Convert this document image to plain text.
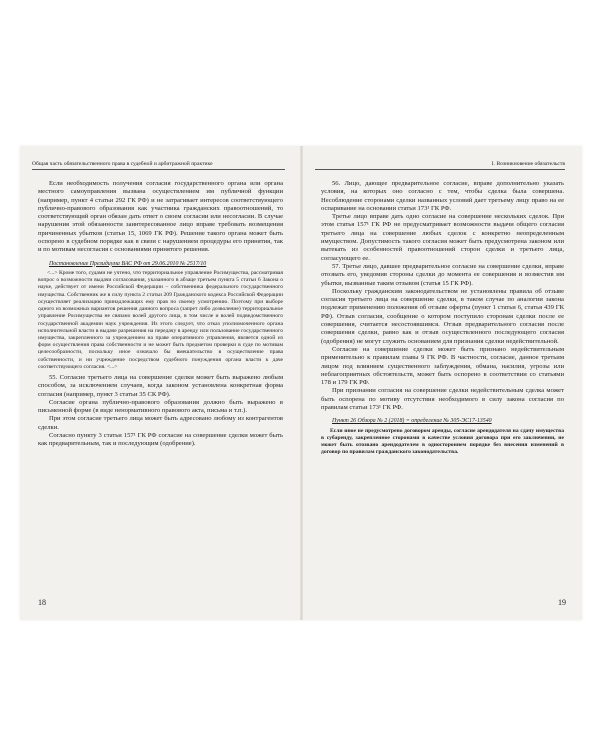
Общая часть обязательственного права в судебной и арбитражной практике

Если необходимость получения согласия государственного органа или органа местного самоуправления вызвана осуществлением им публичной функции (например, пункт 4 статьи 292 ГК РФ) и не затрагивает интересов соответствующего публично-правового образования как участника гражданских правоотношений, то соответствующий орган обязан дать ответ о своем согласии или несогласии. В случае нарушения этой обязанности заинтересованное лицо вправе требовать возмещения причиненных убытков (статьи 15, 1069 ГК РФ). Решение такого органа может быть оспорено в судебном порядке как в связи с нарушением процедуры его принятия, так и по мотивам несогласия с основаниями принятого решения.

Постановление Президиума ВАС РФ от 29.06.2010 № 2517/10

<...> Кроме того, судами не учтено, что территориальное управление Росимущества, рассматривая вопрос о возможности выдачи согласования, указанного в абзаце третьем пункта 5 статьи 6 Закона о науке, действует от имени Российской Федерации – собственника федерального государственного имущества. Собственник же в силу пункта 2 статьи 209 Гражданского кодекса Российской Федерации осуществляет реализацию принадлежащих ему прав по своему усмотрению. Поэтому при выборе одного из возможных вариантов решения данного вопроса (запрет либо дозволение) территориальное управление Росимущества не связано волей другого лица, в том числе и волей подведомственного государственной академии наук учреждения. Из этого следует, что отказ уполномоченного органа исполнительной власти в выдаче разрешения на передачу в аренду или пользование государственного имущества, закрепленного за учреждением на праве оперативного управления, является одной из форм осуществления права собственности и не может быть предметом проверки в суде по мотивам целесообразности, поскольку иное означало бы вмешательство в осуществление права собственности, и ни учреждение посредством судебного понуждения органа власти к даче соответствующего согласия. <...>

55. Согласие третьего лица на совершение сделки может быть выражено любым способом, за исключением случаев, когда законом установлена конкретная форма согласия (например, пункт 3 статьи 35 СК РФ).

Согласие органа публично-правового образования должно быть выражено в письменной форме (в виде ненормативного правового акта, письма и т.п.).

При этом согласие третьего лица может быть адресовано любому из контрагентов сделки.

Согласно пункту 3 статьи 157¹ ГК РФ согласие на совершение сделки может быть как предварительным, так и последующим (одобрение).

18
I. Возникновение обязательств

56. Лицо, дающее предварительное согласие, вправе дополнительно указать условия, на которых оно согласно с тем, чтобы сделка была совершена. Несоблюдение сторонами сделки названных условий дает третьему лицу право на ее оспаривание на основании статьи 173¹ ГК РФ.

Третье лицо вправе дать одно согласие на совершение нескольких сделок. При этом статья 157¹ ГК РФ не предусматривает возможности выдачи общего согласия третьего лица на совершение любых сделок с конкретно неопределенным имуществом. Допустимость такого согласия может быть предусмотрена законом или вытекать из особенностей правоотношений сторон сделки и третьего лица, согласующего ее.

57. Третье лицо, давшее предварительное согласие на совершение сделки, вправе отозвать его, уведомив стороны сделки до момента ее совершения и возместив им убытки, вызванные таким отзывом (статья 15 ГК РФ).

Поскольку гражданским законодательством не установлены правила об отзыве согласия третьего лица на совершение сделки, в таком случае по аналогии закона подлежат применению положения об отзыве оферты (пункт 1 статьи 6, статья 439 ГК РФ). Отзыв согласия, сообщение о котором поступило сторонам сделки после ее совершения, считается несостоявшимся. Отзыв предварительного согласия после совершения сделки, равно как и отзыв осуществленного последующего согласия (одобрения) не могут служить основанием для признания сделки недействительной.

Согласие на совершение сделки может быть признано недействительным применительно к правилам главы 9 ГК РФ. В частности, согласие, данное третьим лицом под влиянием существенного заблуждения, обмана, насилия, угрозы или неблагоприятных обстоятельств, может быть оспорено в соответствии со статьями 178 и 179 ГК РФ.

При признании согласия на совершение сделки недействительным сделка может быть оспорена по мотиву отсутствия необходимого в силу закона согласия по правилам статьи 173¹ ГК РФ.

Пункт 26 Обзора № 2 (2018) = определение № 305-ЭС17-13540

Если иное не предусмотрено договором аренды, согласие арендодателя на сдачу имущества в субаренду, закрепленное сторонами в качестве условия договора при его заключении, не может быть отозвано арендодателем в одностороннем порядке без внесения изменений в договор по правилам гражданского законодательства.

19
